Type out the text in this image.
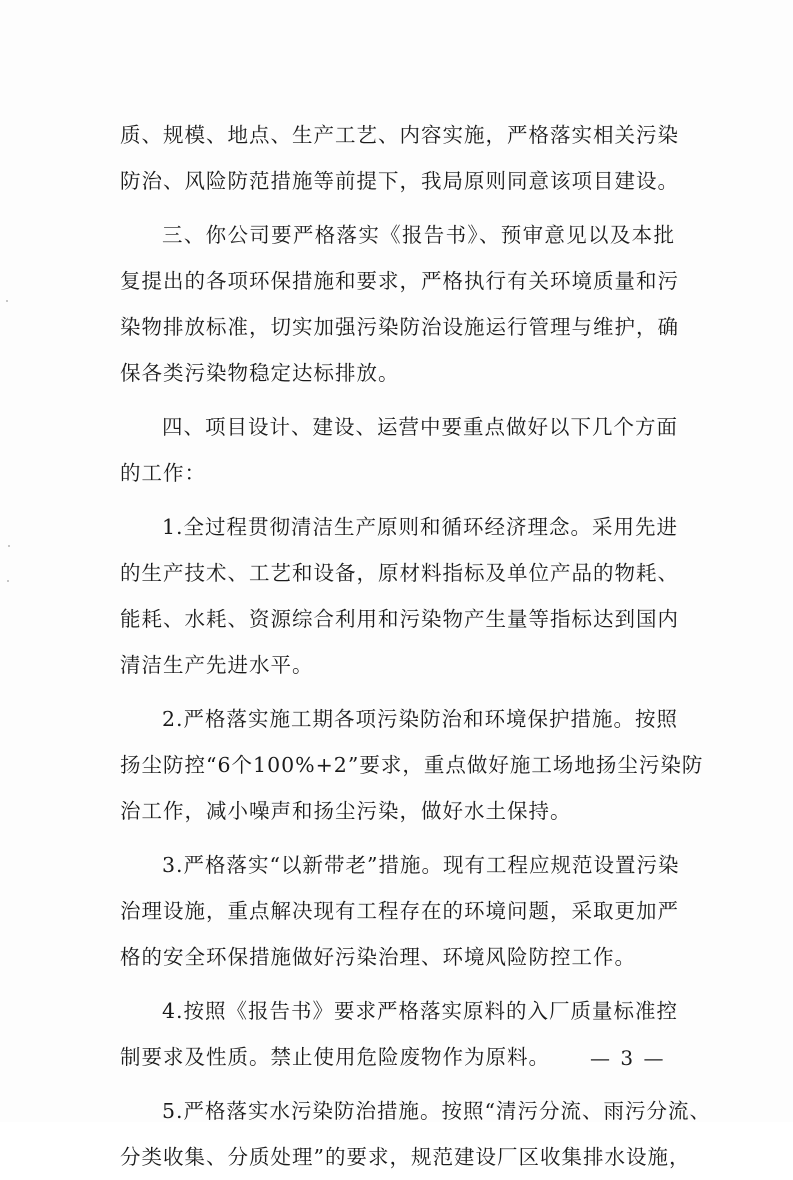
质、规模、地点、生产工艺、内容实施，严格落实相关污染
防治、风险防范措施等前提下，我局原则同意该项目建设。
三、你公司要严格落实《报告书》、预审意见以及本批
复提出的各项环保措施和要求，严格执行有关环境质量和污
染物排放标准，切实加强污染防治设施运行管理与维护，确
保各类污染物稳定达标排放。
四、项目设计、建设、运营中要重点做好以下几个方面
的工作：
1.全过程贯彻清洁生产原则和循环经济理念。采用先进
的生产技术、工艺和设备，原材料指标及单位产品的物耗、
能耗、水耗、资源综合利用和污染物产生量等指标达到国内
清洁生产先进水平。
2.严格落实施工期各项污染防治和环境保护措施。按照
扬尘防控“6个100%+2”要求，重点做好施工场地扬尘污染防
治工作，减小噪声和扬尘污染，做好水土保持。
3.严格落实“以新带老”措施。现有工程应规范设置污染
治理设施，重点解决现有工程存在的环境问题，采取更加严
格的安全环保措施做好污染治理、环境风险防控工作。
4.按照《报告书》要求严格落实原料的入厂质量标准控
制要求及性质。禁止使用危险废物作为原料。
5.严格落实水污染防治措施。按照“清污分流、雨污分流、
分类收集、分质处理”的要求，规范建设厂区收集排水设施，
— 3 —
